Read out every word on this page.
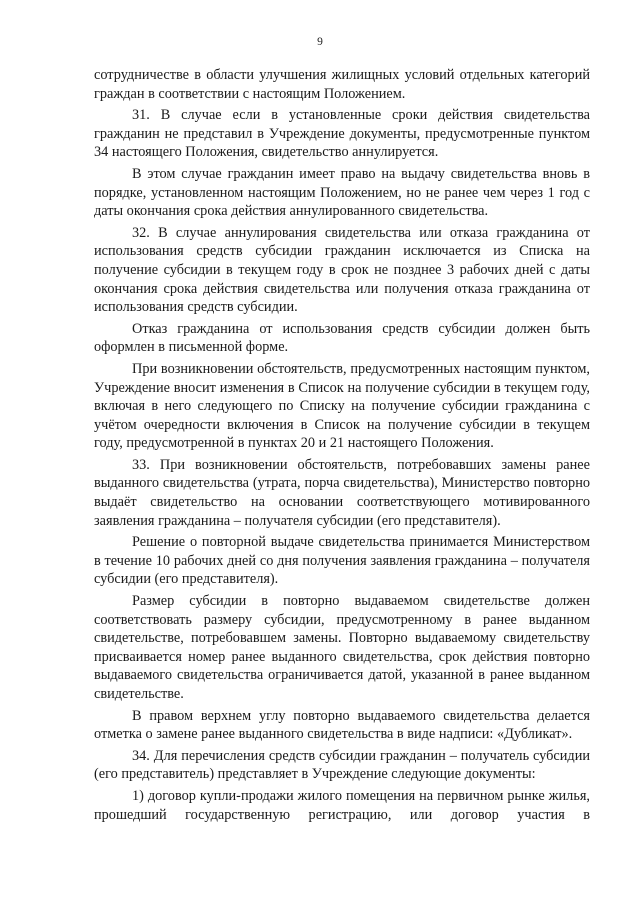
9

сотрудничестве в области улучшения жилищных условий отдельных категорий граждан в соответствии с настоящим Положением.

31. В случае если в установленные сроки действия свидетельства гражданин не представил в Учреждение документы, предусмотренные пунктом 34 настоящего Положения, свидетельство аннулируется.

В этом случае гражданин имеет право на выдачу свидетельства вновь в порядке, установленном настоящим Положением, но не ранее чем через 1 год с даты окончания срока действия аннулированного свидетельства.

32. В случае аннулирования свидетельства или отказа гражданина от использования средств субсидии гражданин исключается из Списка на получение субсидии в текущем году в срок не позднее 3 рабочих дней с даты окончания срока действия свидетельства или получения отказа гражданина от использования средств субсидии.

Отказ гражданина от использования средств субсидии должен быть оформлен в письменной форме.

При возникновении обстоятельств, предусмотренных настоящим пунктом, Учреждение вносит изменения в Список на получение субсидии в текущем году, включая в него следующего по Списку на получение субсидии гражданина с учётом очередности включения в Список на получение субсидии в текущем году, предусмотренной в пунктах 20 и 21 настоящего Положения.

33. При возникновении обстоятельств, потребовавших замены ранее выданного свидетельства (утрата, порча свидетельства), Министерство повторно выдаёт свидетельство на основании соответствующего мотивированного заявления гражданина – получателя субсидии (его представителя).

Решение о повторной выдаче свидетельства принимается Министерством в течение 10 рабочих дней со дня получения заявления гражданина – получателя субсидии (его представителя).

Размер субсидии в повторно выдаваемом свидетельстве должен соответствовать размеру субсидии, предусмотренному в ранее выданном свидетельстве, потребовавшем замены. Повторно выдаваемому свидетельству присваивается номер ранее выданного свидетельства, срок действия повторно выдаваемого свидетельства ограничивается датой, указанной в ранее выданном свидетельстве.

В правом верхнем углу повторно выдаваемого свидетельства делается отметка о замене ранее выданного свидетельства в виде надписи: «Дубликат».

34. Для перечисления средств субсидии гражданин – получатель субсидии (его представитель) представляет в Учреждение следующие документы:

1) договор купли-продажи жилого помещения на первичном рынке жилья, прошедший государственную регистрацию, или договор участия в
